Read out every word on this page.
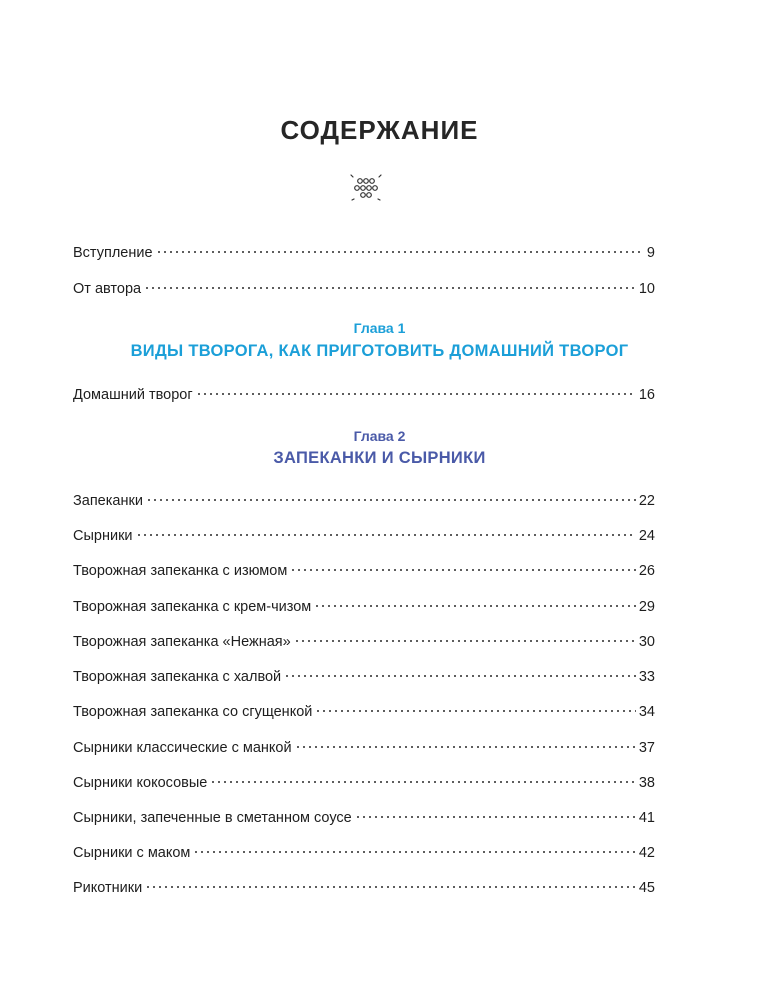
СОДЕРЖАНИЕ
Вступление	9
От автора	10
Глава 1
ВИДЫ ТВОРОГА, КАК ПРИГОТОВИТЬ ДОМАШНИЙ ТВОРОГ
Домашний творог	16
Глава 2
ЗАПЕКАНКИ И СЫРНИКИ
Запеканки	22
Сырники	24
Творожная запеканка с изюмом	26
Творожная запеканка с крем-чизом	29
Творожная запеканка «Нежная»	30
Творожная запеканка с халвой	33
Творожная запеканка со сгущенкой	34
Сырники классические с манкой	37
Сырники кокосовые	38
Сырники, запеченные в сметанном соусе	41
Сырники с маком	42
Рикотники	45
